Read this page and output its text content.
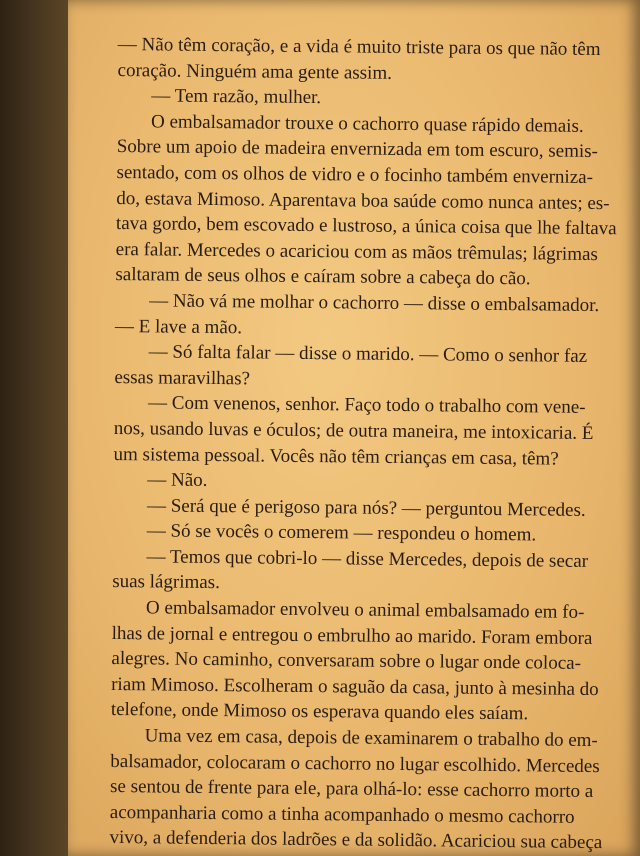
— Não têm coração, e a vida é muito triste para os que não têm
coração. Ninguém ama gente assim.
— Tem razão, mulher.
O embalsamador trouxe o cachorro quase rápido demais.
Sobre um apoio de madeira envernizada em tom escuro, semis-
sentado, com os olhos de vidro e o focinho também enverniza-
do, estava Mimoso. Aparentava boa saúde como nunca antes; es-
tava gordo, bem escovado e lustroso, a única coisa que lhe faltava
era falar. Mercedes o acariciou com as mãos trêmulas; lágrimas
saltaram de seus olhos e caíram sobre a cabeça do cão.
— Não vá me molhar o cachorro — disse o embalsamador.
— E lave a mão.
— Só falta falar — disse o marido. — Como o senhor faz
essas maravilhas?
— Com venenos, senhor. Faço todo o trabalho com vene-
nos, usando luvas e óculos; de outra maneira, me intoxicaria. É
um sistema pessoal. Vocês não têm crianças em casa, têm?
— Não.
— Será que é perigoso para nós? — perguntou Mercedes.
— Só se vocês o comerem — respondeu o homem.
— Temos que cobri-lo — disse Mercedes, depois de secar
suas lágrimas.
O embalsamador envolveu o animal embalsamado em fo-
lhas de jornal e entregou o embrulho ao marido. Foram embora
alegres. No caminho, conversaram sobre o lugar onde coloca-
riam Mimoso. Escolheram o saguão da casa, junto à mesinha do
telefone, onde Mimoso os esperava quando eles saíam.
Uma vez em casa, depois de examinarem o trabalho do em-
balsamador, colocaram o cachorro no lugar escolhido. Mercedes
se sentou de frente para ele, para olhá-lo: esse cachorro morto a
acompanharia como a tinha acompanhado o mesmo cachorro
vivo, a defenderia dos ladrões e da solidão. Acariciou sua cabeça
